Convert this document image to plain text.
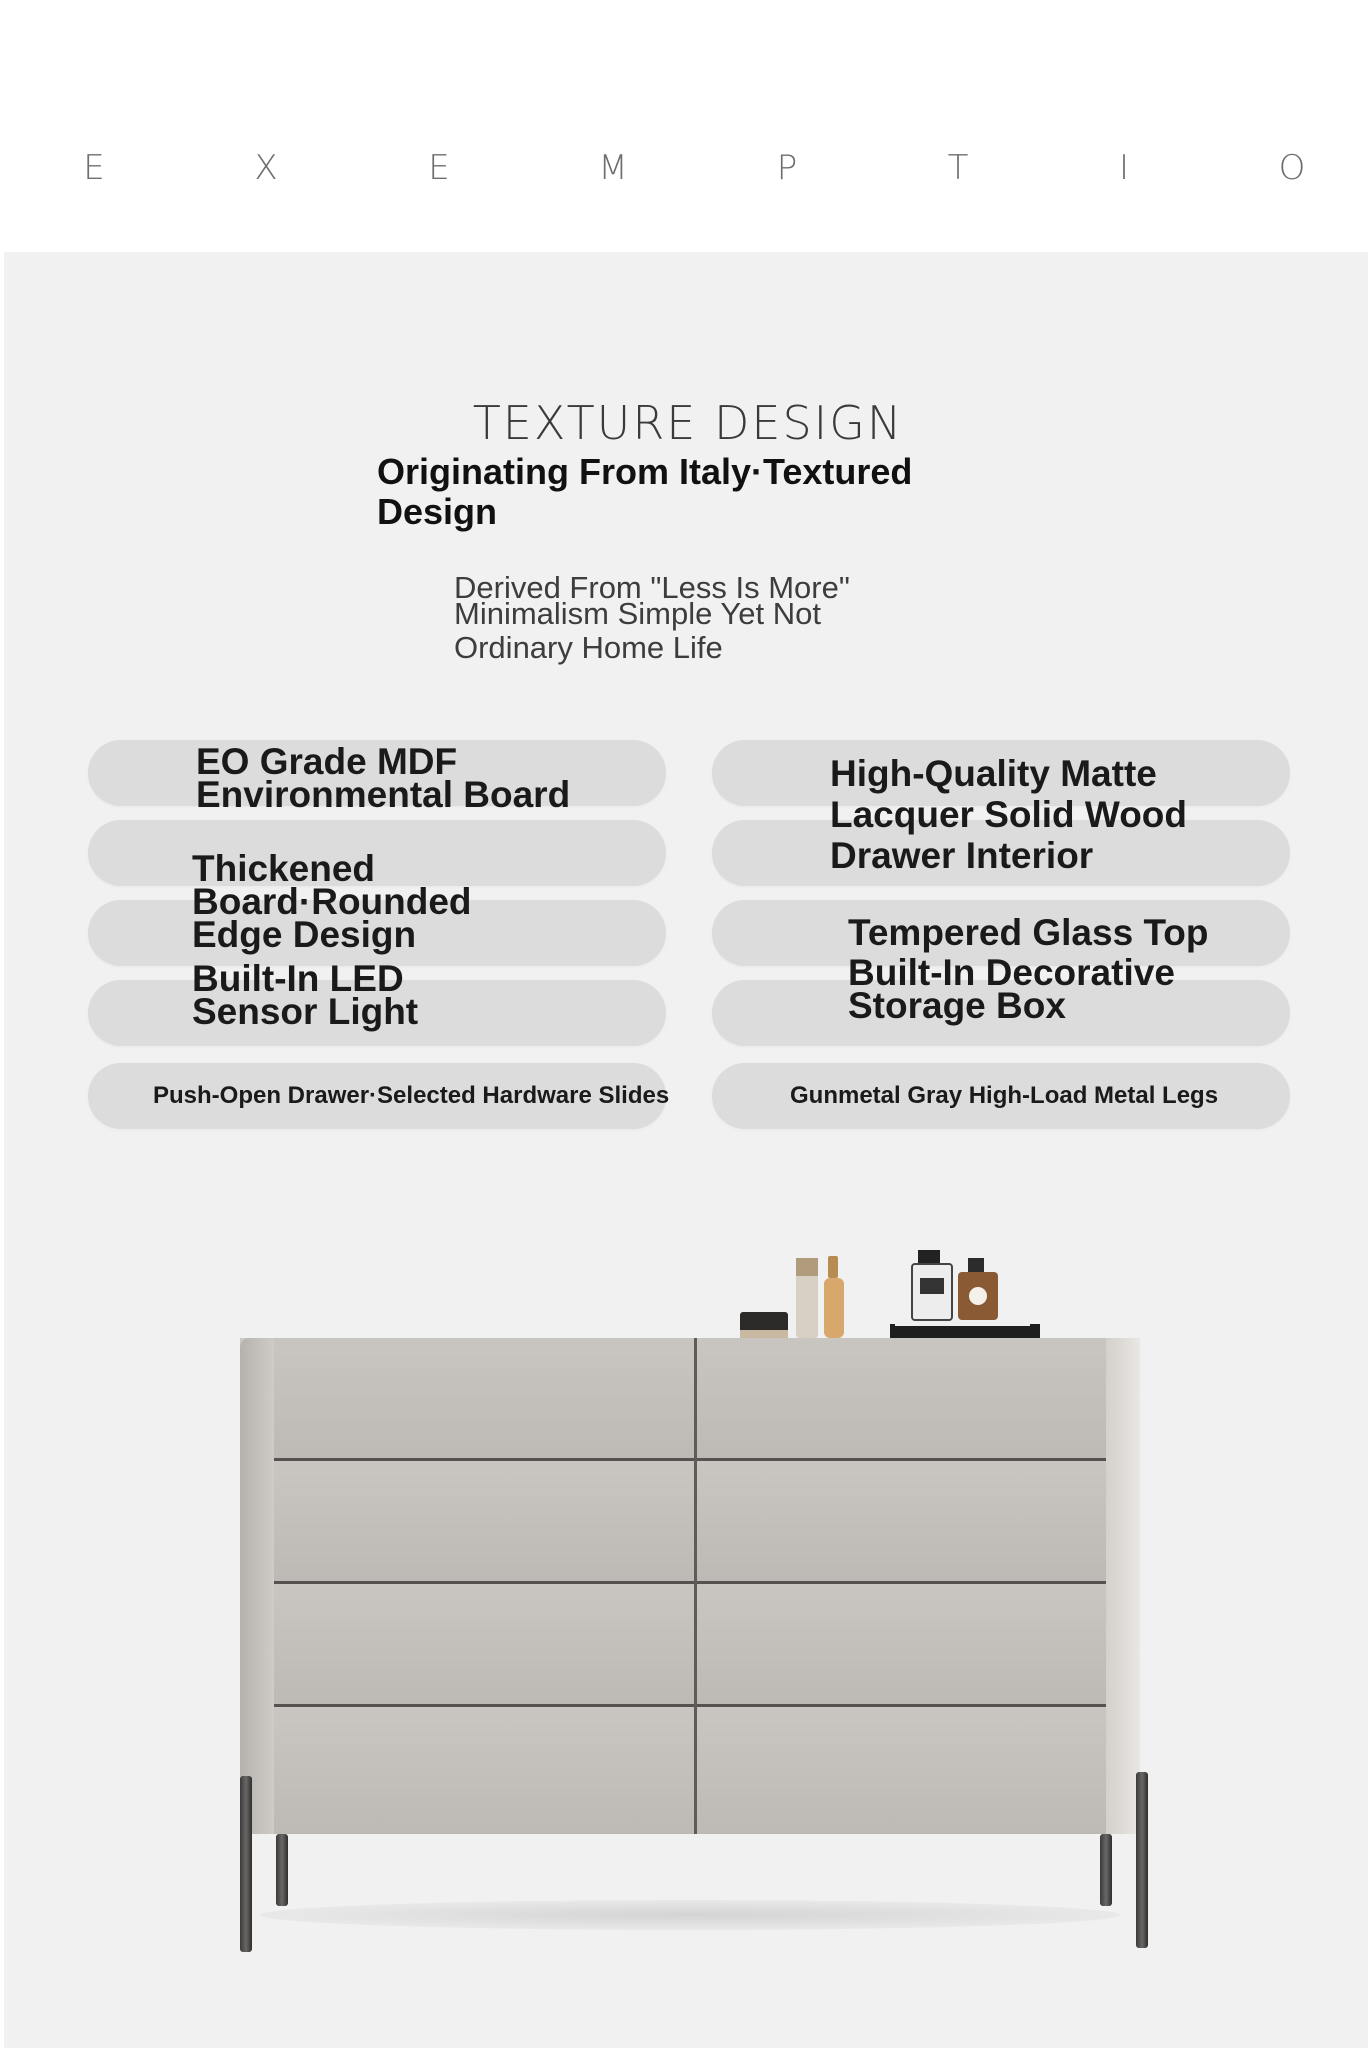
E	X	E	M	P	T	I	O
TEXTURE DESIGN
Originating From Italy·Textured Design
Derived From "Less Is More"
Minimalism Simple Yet Not
Ordinary Home Life
EO Grade MDF Environmental Board
High-Quality Matte Lacquer Solid Wood Drawer Interior
Thickened Board·Rounded Edge Design	Tempered Glass Top
Built-In LED Sensor Light
Built-In Decorative Storage Box
Push-Open Drawer·Selected Hardware Slides	Gunmetal Gray High-Load Metal Legs
